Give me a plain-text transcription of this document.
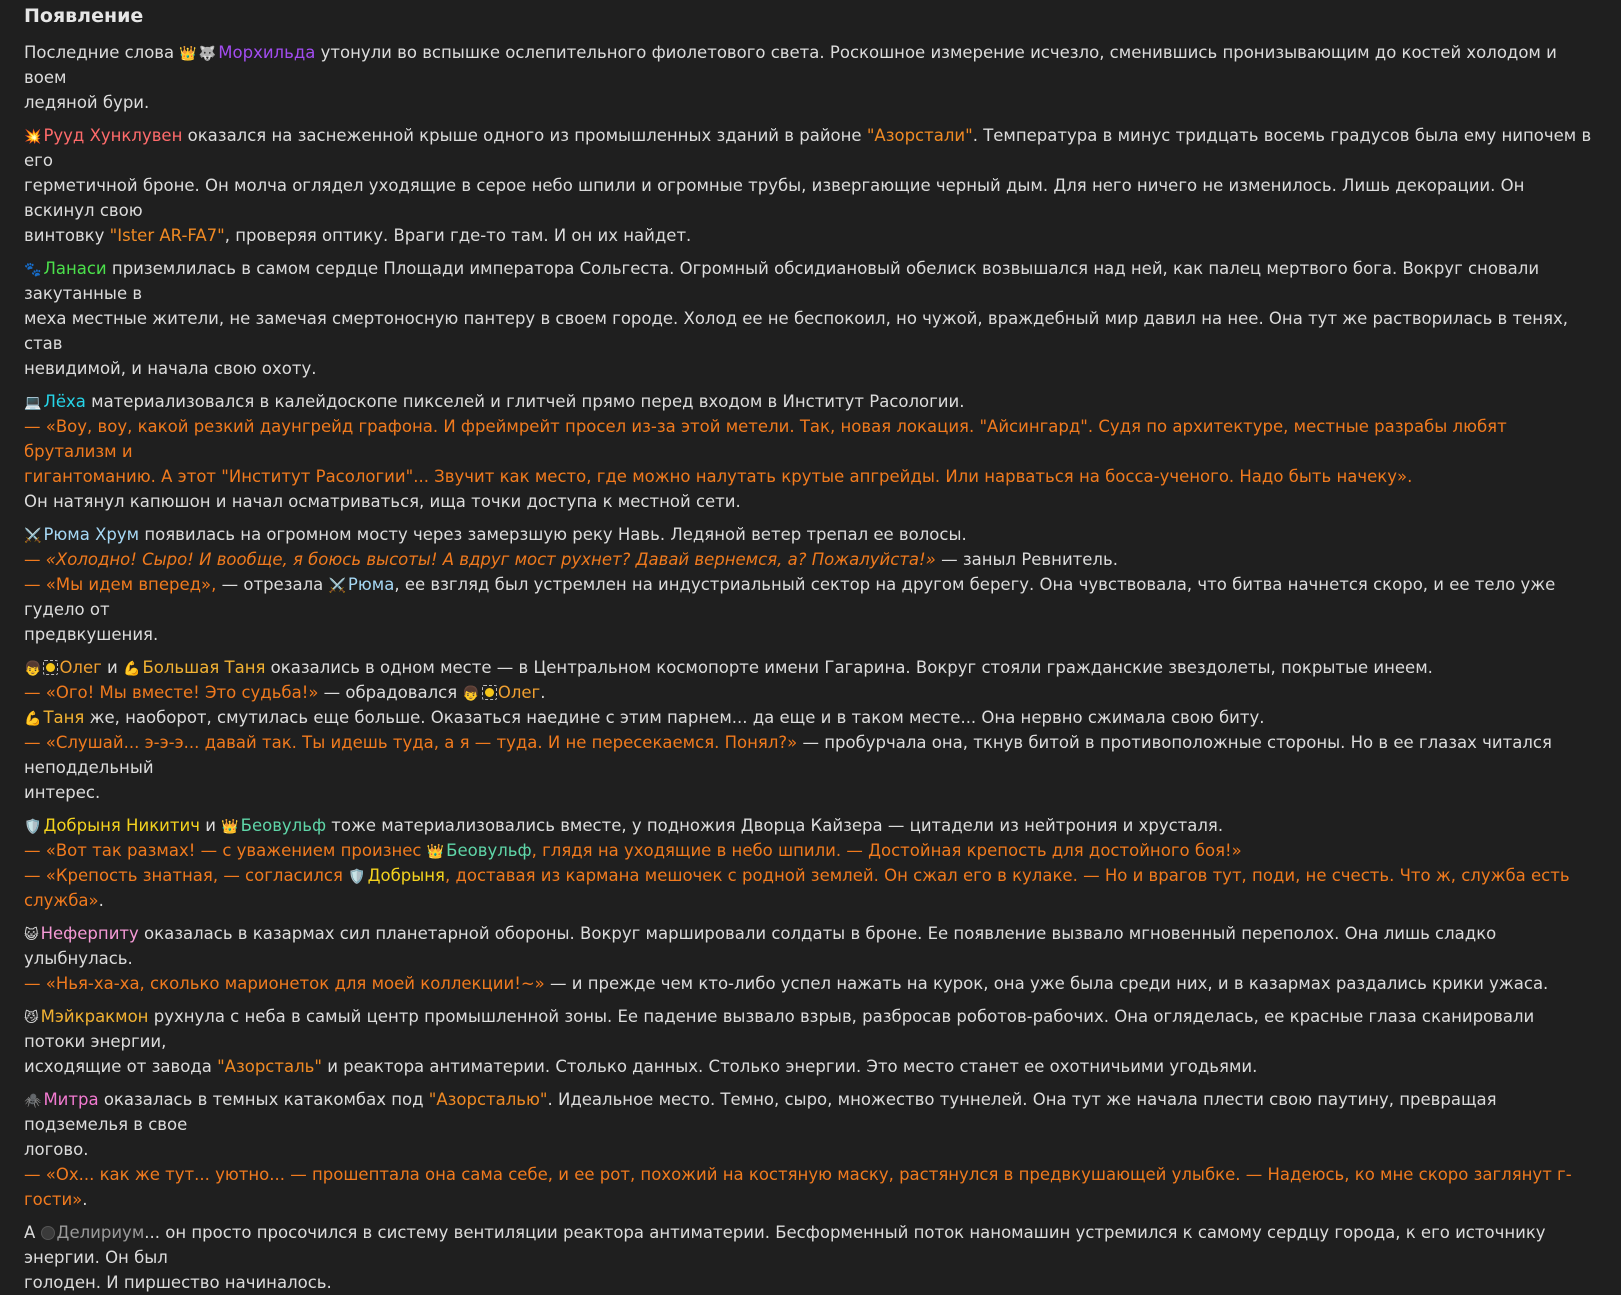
Появление
Последние слова 👑 🐺 Морхильда утонули во вспышке ослепительного фиолетового света. Роскошное измерение исчезло, сменившись пронизывающим до костей холодом и воем
ледяной бури.
💥 Рууд Хунклувен оказался на заснеженной крыше одного из промышленных зданий в районе "Азорстали". Температура в минус тридцать восемь градусов была ему нипочем в его
герметичной броне. Он молча оглядел уходящие в серое небо шпили и огромные трубы, извергающие черный дым. Для него ничего не изменилось. Лишь декорации. Он вскинул свою
винтовку "Ister AR-FA7", проверяя оптику. Враги где-то там. И он их найдет.
🐾 Ланаси приземлилась в самом сердце Площади императора Сольгеста. Огромный обсидиановый обелиск возвышался над ней, как палец мертвого бога. Вокруг сновали закутанные в
меха местные жители, не замечая смертоносную пантеру в своем городе. Холод ее не беспокоил, но чужой, враждебный мир давил на нее. Она тут же растворилась в тенях, став
невидимой, и начала свою охоту.
💻 Лёха материализовался в калейдоскопе пикселей и глитчей прямо перед входом в Институт Расологии.
— «Воу, воу, какой резкий даунгрейд графона. И фреймрейт просел из-за этой метели. Так, новая локация. "Айсингард". Судя по архитектуре, местные разрабы любят брутализм и
гигантоманию. А этот "Институт Расологии"... Звучит как место, где можно налутать крутые апгрейды. Или нарваться на босса-ученого. Надо быть начеку».
Он натянул капюшон и начал осматриваться, ища точки доступа к местной сети.
⚔️ Рюма Хрум появилась на огромном мосту через замерзшую реку Навь. Ледяной ветер трепал ее волосы.
— «Холодно! Сыро! И вообще, я боюсь высоты! А вдруг мост рухнет? Давай вернемся, а? Пожалуйста!» — заныл Ревнитель.
— «Мы идем вперед», — отрезала ⚔️ Рюма, ее взгляд был устремлен на индустриальный сектор на другом берегу. Она чувствовала, что битва начнется скоро, и ее тело уже гудело от
предвкушения.
👦 Олег и 💪 Большая Таня оказались в одном месте — в Центральном космопорте имени Гагарина. Вокруг стояли гражданские звездолеты, покрытые инеем.
— «Ого! Мы вместе! Это судьба!» — обрадовался 👦 Олег.
💪 Таня же, наоборот, смутилась еще больше. Оказаться наедине с этим парнем... да еще и в таком месте... Она нервно сжимала свою биту.
— «Слушай... э-э-э... давай так. Ты идешь туда, а я — туда. И не пересекаемся. Понял?» — пробурчала она, ткнув битой в противоположные стороны. Но в ее глазах читался неподдельный
интерес.
🛡️ Добрыня Никитич и 👑 Беовульф тоже материализовались вместе, у подножия Дворца Кайзера — цитадели из нейтрония и хрусталя.
— «Вот так размах! — с уважением произнес 👑 Беовульф, глядя на уходящие в небо шпили. — Достойная крепость для достойного боя!»
— «Крепость знатная, — согласился 🛡️ Добрыня, доставая из кармана мешочек с родной землей. Он сжал его в кулаке. — Но и врагов тут, поди, не счесть. Что ж, служба есть служба».
😺 Неферпиту оказалась в казармах сил планетарной обороны. Вокруг маршировали солдаты в броне. Ее появление вызвало мгновенный переполох. Она лишь сладко улыбнулась.
— «Нья-ха-ха, сколько марионеток для моей коллекции!~» — и прежде чем кто-либо успел нажать на курок, она уже была среди них, и в казармах раздались крики ужаса.
😼 Мэйкракмон рухнула с неба в самый центр промышленной зоны. Ее падение вызвало взрыв, разбросав роботов-рабочих. Она огляделась, ее красные глаза сканировали потоки энергии,
исходящие от завода "Азорсталь" и реактора антиматерии. Столько данных. Столько энергии. Это место станет ее охотничьими угодьями.
🕷️ Митра оказалась в темных катакомбах под "Азорсталью". Идеальное место. Темно, сыро, множество туннелей. Она тут же начала плести свою паутину, превращая подземелья в свое
логово.
— «Ох... как же тут... уютно... — прошептала она сама себе, и ее рот, похожий на костяную маску, растянулся в предвкушающей улыбке. — Надеюсь, ко мне скоро заглянут г-гости».
А Делириум... он просто просочился в систему вентиляции реактора антиматерии. Бесформенный поток наномашин устремился к самому сердцу города, к его источнику энергии. Он был
голоден. И пиршество начиналось.
